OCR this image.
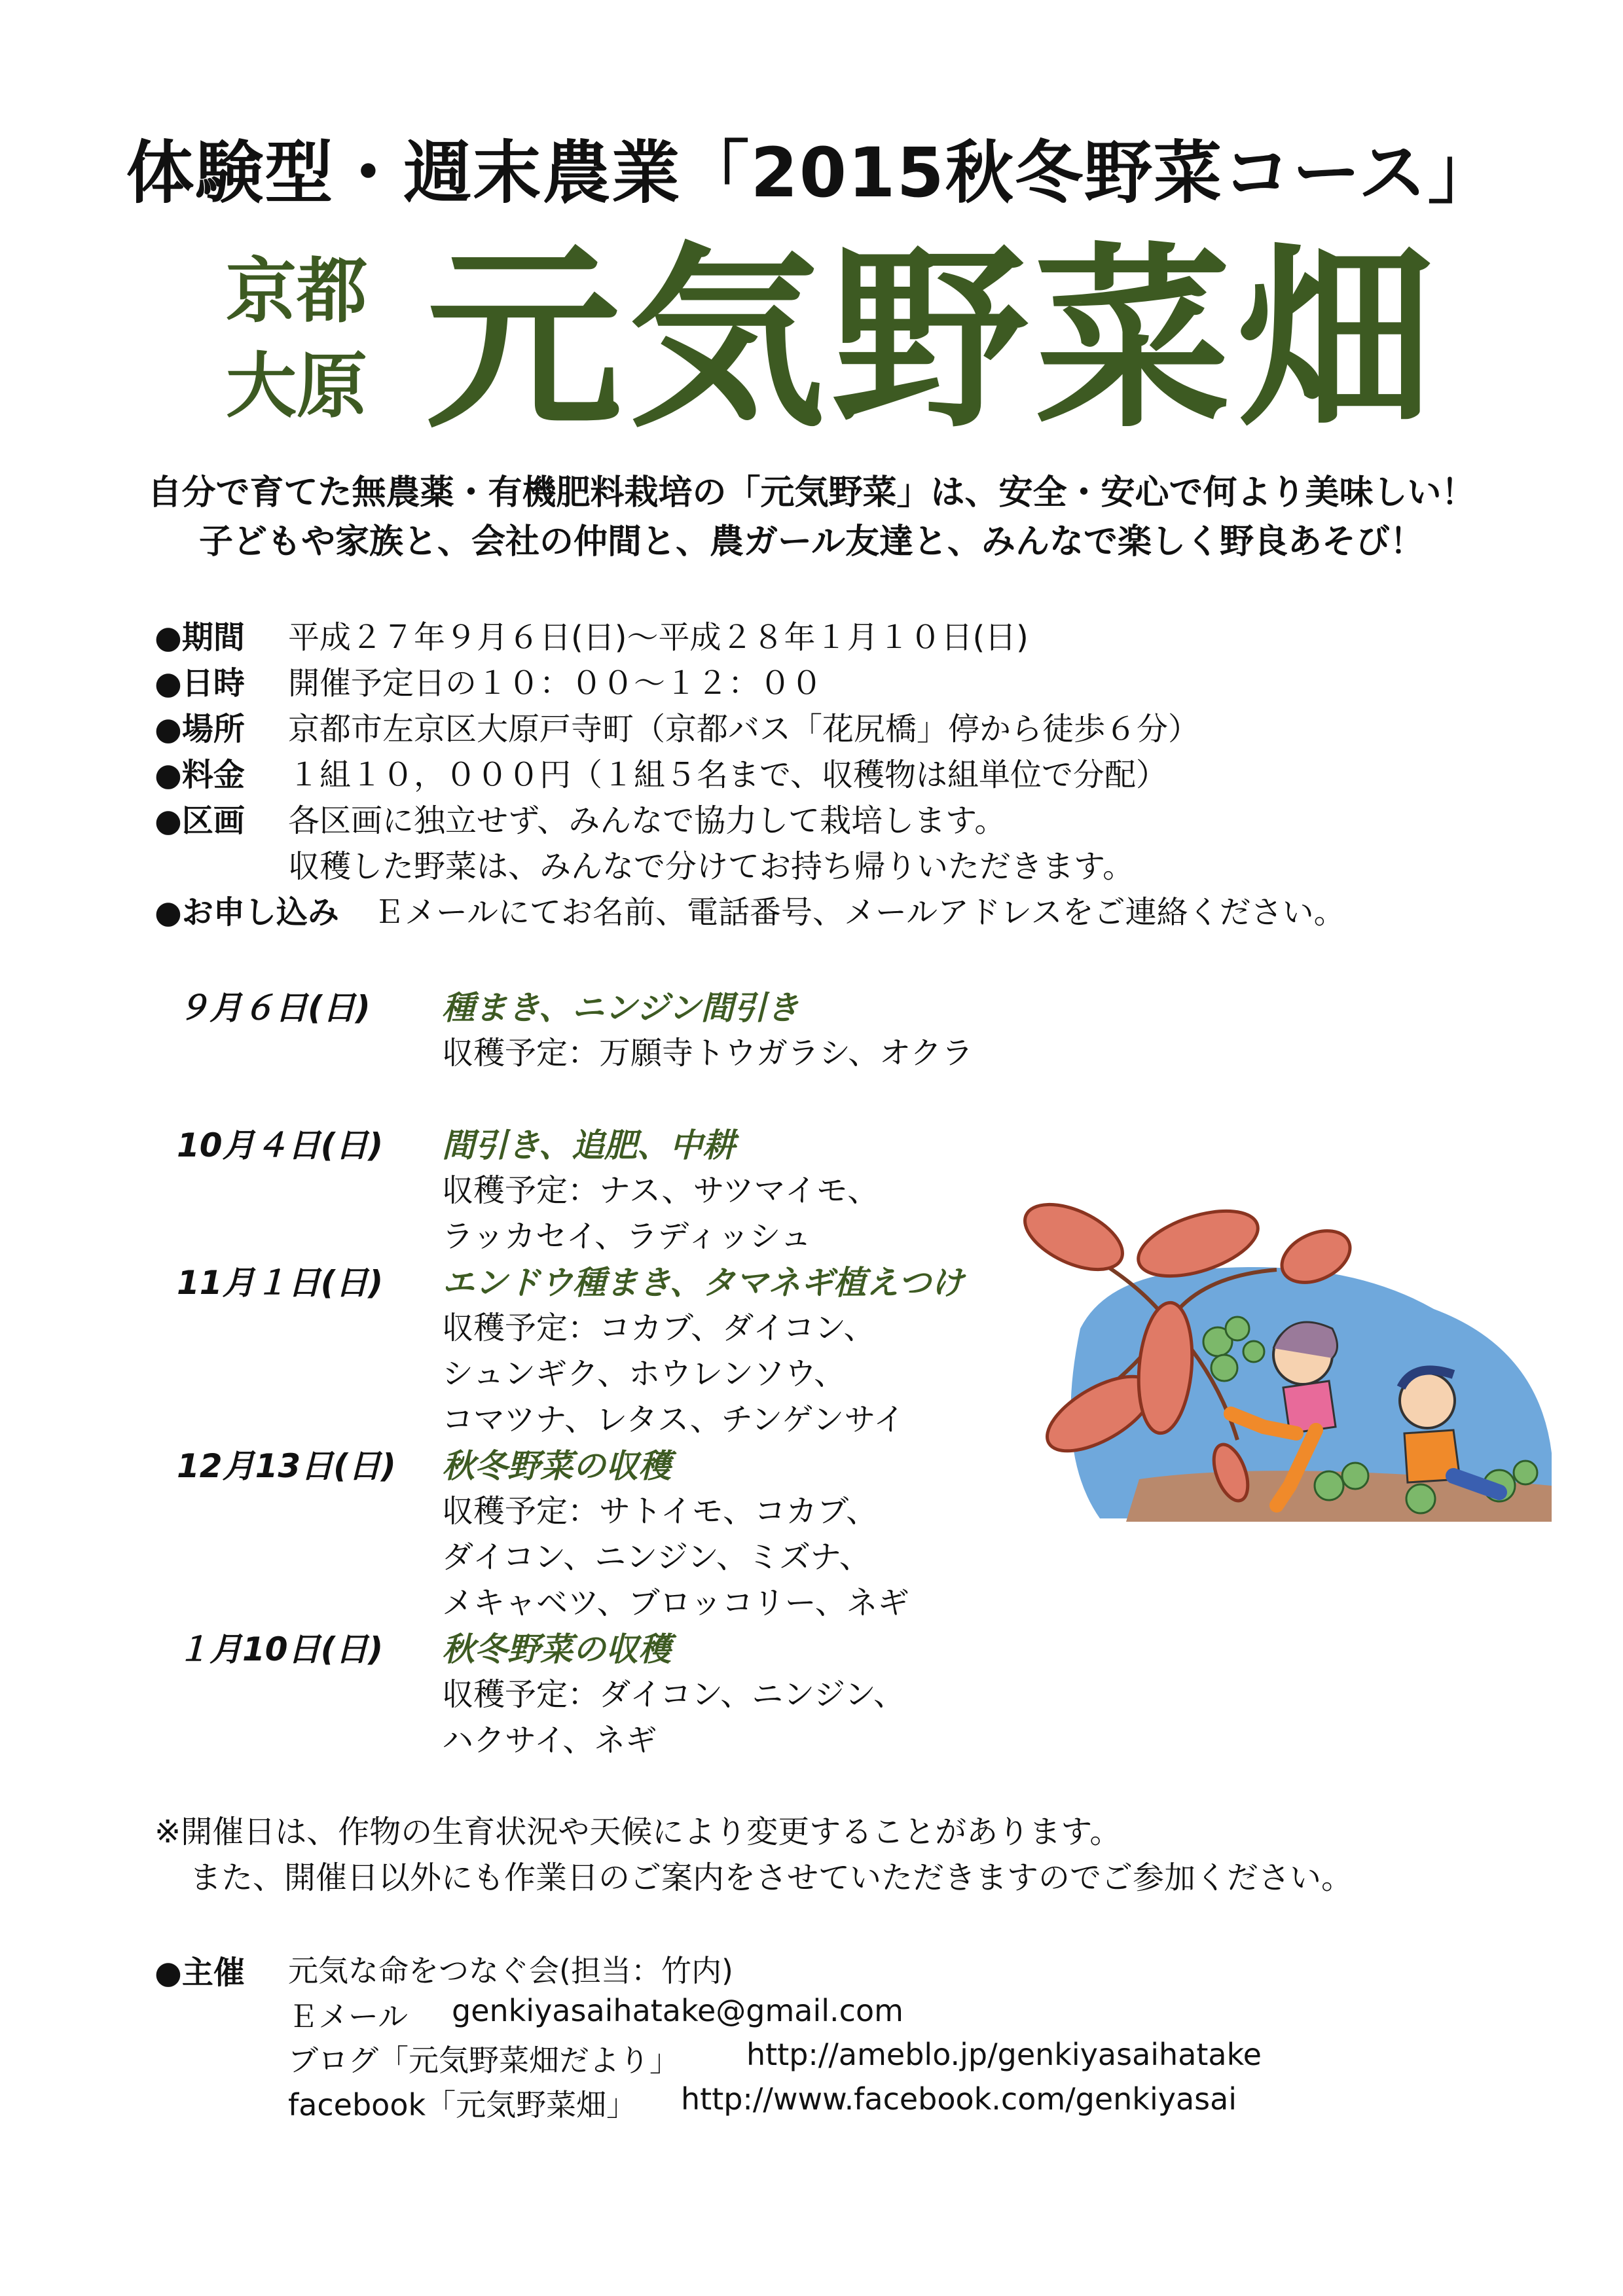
体験型・週末農業「2015秋冬野菜コース」
京都
大原 元気野菜畑
自分で育てた無農薬・有機肥料栽培の「元気野菜」は、安全・安心で何より美味しい！
子どもや家族と、会社の仲間と、農ガール友達と、みんなで楽しく野良あそび！
●期間 平成２７年９月６日(日)～平成２８年１月１０日(日)
●日時 開催予定日の１０：００～１２：００
●場所 京都市左京区大原戸寺町（京都バス「花尻橋」停から徒歩６分）
●料金 １組１０，０００円（１組５名まで、収穫物は組単位で分配）
●区画 各区画に独立せず、みんなで協力して栽培します。
収穫した野菜は、みんなで分けてお持ち帰りいただきます。
●お申し込み Ｅメールにてお名前、電話番号、メールアドレスをご連絡ください。
９月６日(日) 種まき、ニンジン間引き
収穫予定：万願寺トウガラシ、オクラ
10月４日(日) 間引き、追肥、中耕
収穫予定：ナス、サツマイモ、
ラッカセイ、ラディッシュ
11月１日(日) エンドウ種まき、タマネギ植えつけ
収穫予定：コカブ、ダイコン、
シュンギク、ホウレンソウ、
コマツナ、レタス、チンゲンサイ
12月13日(日) 秋冬野菜の収穫
収穫予定：サトイモ、コカブ、
ダイコン、ニンジン、ミズナ、
メキャベツ、ブロッコリー、ネギ
１月10日(日) 秋冬野菜の収穫
収穫予定：ダイコン、ニンジン、
ハクサイ、ネギ
※開催日は、作物の生育状況や天候により変更することがあります。
また、開催日以外にも作業日のご案内をさせていただきますのでご参加ください。
●主催 元気な命をつなぐ会(担当：竹内)
Ｅメール genkiyasaihatake@gmail.com
ブログ「元気野菜畑だより」 http://ameblo.jp/genkiyasaihatake
facebook「元気野菜畑」 http://www.facebook.com/genkiyasai
